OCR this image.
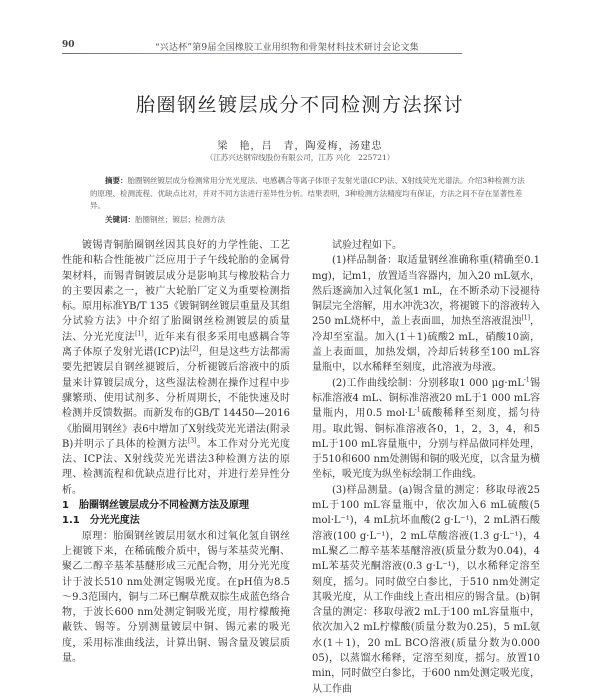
90	“兴达杯”第9届全国橡胶工业用织物和骨架材料技术研讨会论文集
胎圈钢丝镀层成分不同检测方法探讨
梁　艳，吕　青，陶爱梅，汤建忠
（江苏兴达钢帘线股份有限公司，江苏 兴化　225721）
摘要：胎圈钢丝镀层成分检测常用分光光度法、电感耦合等离子体原子发射光谱(ICP)法、X射线荧光光谱法。介绍3种检测方法的原理、检测流程、优缺点比对，并对不同方法进行差异性分析。结果表明，3种检测方法精度均有保证，方法之间不存在显著性差异。
关键词：胎圈钢丝；镀层；检测方法

镀锡青铜胎圈钢丝因其良好的力学性能、工艺性能和粘合性能被广泛应用于子午线轮胎的金属骨架材料，而锡青铜镀层成分是影响其与橡胶粘合力的主要因素之一，被广大轮胎厂定义为重要检测指标。原用标准YB/T 135《镀铜钢丝镀层重量及其组分试验方法》中介绍了胎圈钢丝检测镀层的质量法、分光光度法[1]，近年来有很多采用电感耦合等离子体原子发射光谱(ICP)法[2]，但是这些方法都需要先把镀层自钢丝褪镀后，分析褪镀后溶液中的质量来计算镀层成分，这些湿法检测在操作过程中步骤繁琐、使用试剂多、分析周期长，不能快速及时检测并反馈数据。而新发布的GB/T 14450—2016《胎圈用钢丝》表6中增加了X射线荧光光谱法(附录B)并明示了具体的检测方法[3]。本工作对分光光度法、ICP法、X射线荧光光谱法3种检测方法的原理、检测流程和优缺点进行比对，并进行差异性分析。

1　胎圈钢丝镀层成分不同检测方法及原理

1.1　分光光度法

原理：胎圈钢丝镀层用氨水和过氧化氢自钢丝上褪镀下来，在稀硫酸介质中，锡与苯基荧光酮、聚乙二醇辛基苯基醚形成三元配合物，用分光光度计于波长510 nm处测定锡吸光度。在pH值为8.5～9.3范围内，铜与二环已酮草酰双腙生成蓝色络合物，于波长600 nm处测定铜吸光度，用柠檬酸掩蔽铁、锡等。分别测量镀层中铜、锡元素的吸光度，采用标准曲线法，计算出铜、锡含量及镀层质量。

试验过程如下。

(1)样品制备：取适量钢丝准确称重(精确至0.1 mg)，记m1，放置适当容器内，加入20 mL氨水，然后逐滴加入过氧化氢1 mL，在不断杀动下浸褪待铜层完全溶解，用水冲洗3次，将褪镀下的溶液转入250 mL烧杯中，盖上表面皿，加热至溶液混浊[1]，冷却至室温。加入(1＋1)硫酸2 mL，硝酸10滴，盖上表面皿，加热发烟，冷却后转移至100 mL容量瓶中，以水稀释至刻度，此溶液为母液。

(2)工作曲线绘制：分别移取1 000 $\mu g\cdot mL^{-1}$锡标准溶液4 mL、铜标准溶液20 mL于1 000 mL容量瓶内，用0.5 $mol\cdot L^{-1}$硫酸稀释至刻度，摇匀待用。取此锡、铜标准溶液各0，1，2，3，4，和5 mL于100 mL容量瓶中，分别与样品做同样处理，于510和600 nm处测锡和铜的吸光度，以含量为横坐标，吸光度为纵坐标绘制工作曲线。

(3)样品测量。(a)锡含量的测定：移取母液25 mL于100 mL容量瓶中，依次加入6 mL硫酸(5 mol·L⁻¹)，4 mL抗坏血酸(2 g·L⁻¹)，2 mL酒石酸溶液(100 g·L⁻¹)，2 mL草酸溶液(1.3 g·L⁻¹)，4 mL聚乙二醇辛基苯基醚溶液(质量分数为0.04)，4 mL苯基荧光酮溶液(0.3 g·L⁻¹)，以水稀释定溶至刻度，摇匀。同时做空白参比，于510 nm处测定其吸光度，从工作曲线上查出相应的锡含量。(b)铜含量的测定：移取母液2 mL于100 mL容量瓶中，依次加入2 mL柠檬酸(质量分数为0.25)，5 mL氨水(1＋1)，20 mL BCO溶液(质量分数为0.000 05)，以蒸馏水稀释，定溶至刻度，摇匀。放置10 min，同时做空白参比，于600 nm处测定吸光度，从工作曲
